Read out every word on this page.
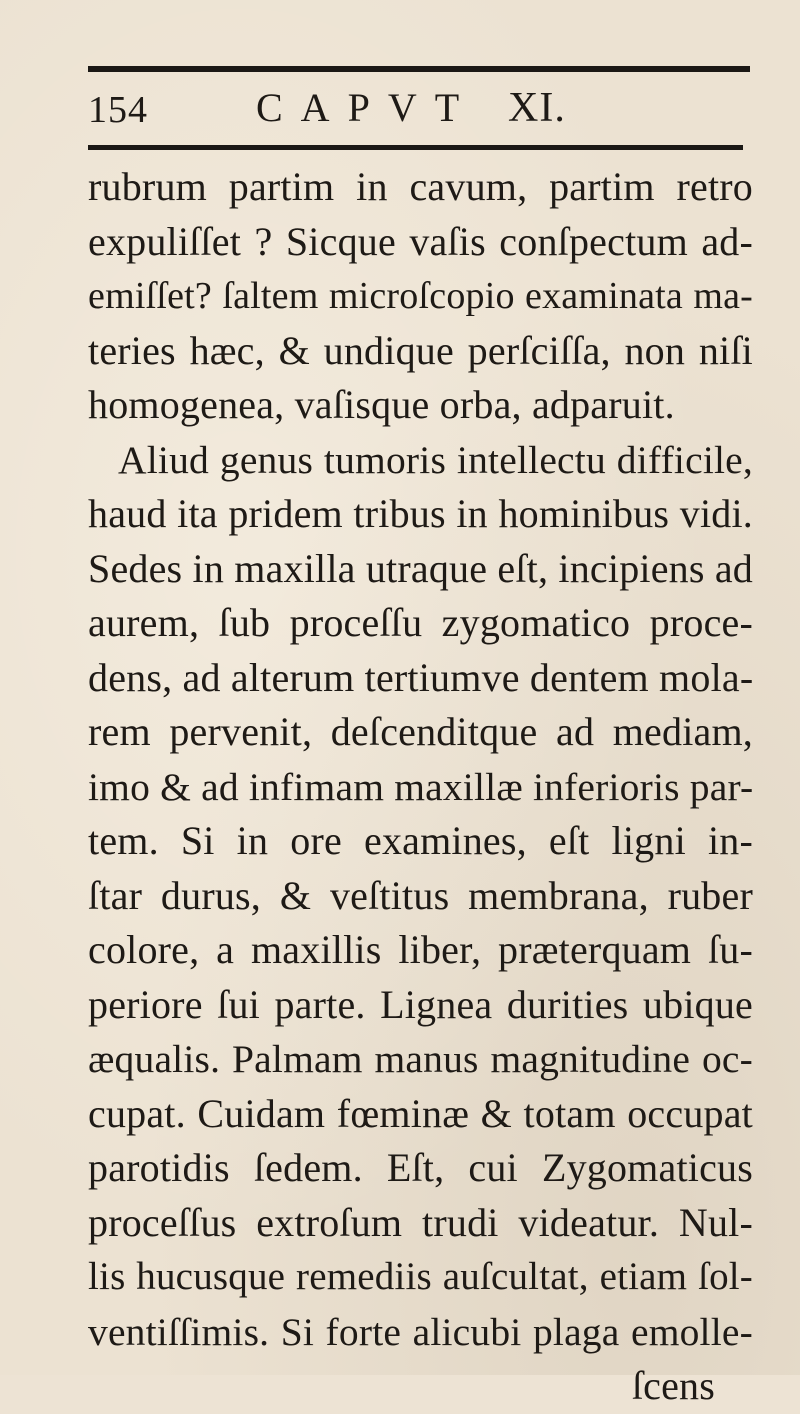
154	CAPVT XI.
rubrum partim in cavum, partim retro
expuliſſet ? Sicque vaſis conſpectum ad-
emiſſet? ſaltem microſcopio examinata ma-
teries hæc, & undique perſciſſa, non niſi
homogenea, vaſisque orba, adparuit.
Aliud genus tumoris intellectu difficile,
haud ita pridem tribus in hominibus vidi.
Sedes in maxilla utraque eſt, incipiens ad
aurem, ſub proceſſu zygomatico proce-
dens, ad alterum tertiumve dentem mola-
rem pervenit, deſcenditque ad mediam,
imo & ad infimam maxillæ inferioris par-
tem. Si in ore examines, eſt ligni in-
ſtar durus, & veſtitus membrana, ruber
colore, a maxillis liber, præterquam ſu-
periore ſui parte. Lignea durities ubique
æqualis. Palmam manus magnitudine oc-
cupat. Cuidam fœminæ & totam occupat
parotidis ſedem. Eſt, cui Zygomaticus
proceſſus extroſum trudi videatur. Nul-
lis hucusque remediis auſcultat, etiam ſol-
ventiſſimis. Si forte alicubi plaga emolle-
ſcens
